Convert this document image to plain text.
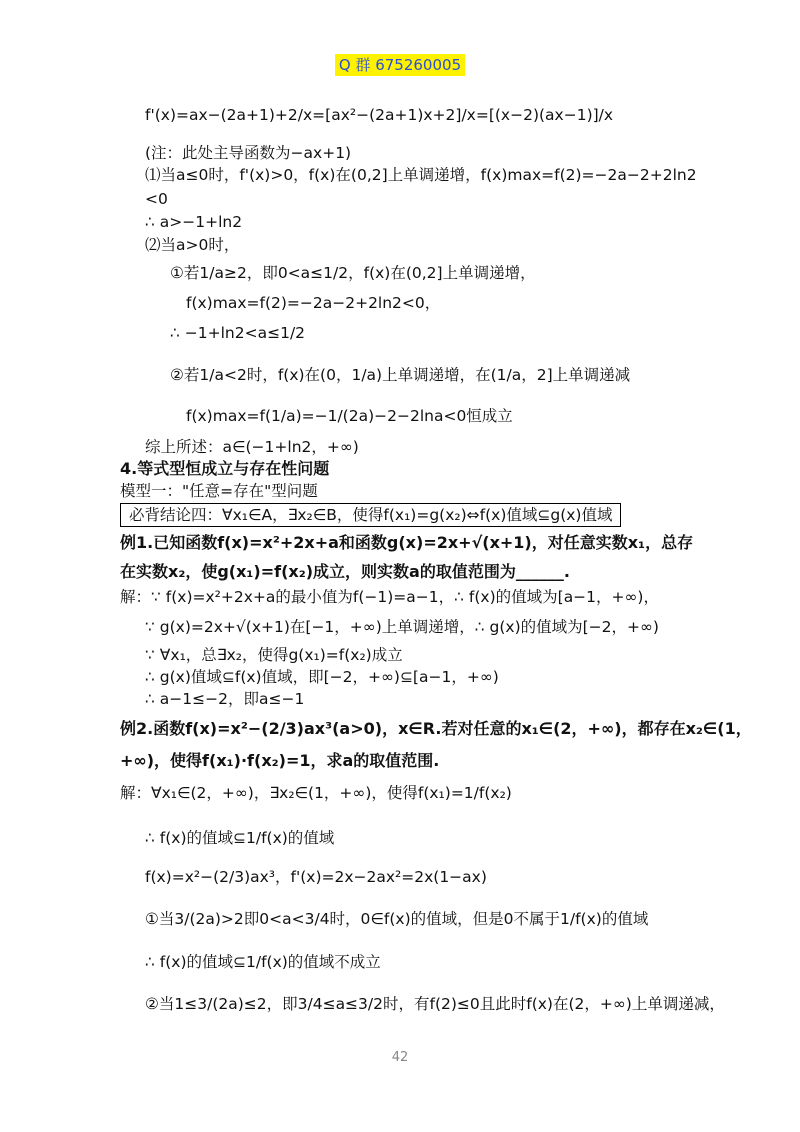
Q 群 675260005
f'(x)=ax−(2a+1)+2/x=[ax²−(2a+1)x+2]/x=[(x−2)(ax−1)]/x
(注：此处主导函数为−ax+1)
⑴当a≤0时，f'(x)>0，f(x)在(0,2]上单调递增，f(x)max=f(2)=−2a−2+2ln2
<0
∴ a>−1+ln2
⑵当a>0时，
①若1/a≥2，即0<a≤1/2，f(x)在(0,2]上单调递增，
f(x)max=f(2)=−2a−2+2ln2<0，
∴ −1+ln2<a≤1/2
②若1/a<2时，f(x)在(0，1/a)上单调递增，在(1/a，2]上单调递减
f(x)max=f(1/a)=−1/(2a)−2−2lna<0恒成立
综上所述：a∈(−1+ln2，+∞)
4.等式型恒成立与存在性问题
模型一："任意=存在"型问题
必背结论四：∀x₁∈A，∃x₂∈B，使得f(x₁)=g(x₂)⇔f(x)值域⊆g(x)值域
例1.已知函数f(x)=x²+2x+a和函数g(x)=2x+√(x+1)，对任意实数x₁，总存
在实数x₂，使g(x₁)=f(x₂)成立，则实数a的取值范围为______.
解：∵ f(x)=x²+2x+a的最小值为f(−1)=a−1，∴ f(x)的值域为[a−1，+∞)，
∵ g(x)=2x+√(x+1)在[−1，+∞)上单调递增，∴ g(x)的值域为[−2，+∞)
∵ ∀x₁，总∃x₂，使得g(x₁)=f(x₂)成立
∴ g(x)值域⊆f(x)值域，即[−2，+∞)⊆[a−1，+∞)
∴ a−1≤−2，即a≤−1
例2.函数f(x)=x²−(2/3)ax³(a>0)，x∈R.若对任意的x₁∈(2，+∞)，都存在x₂∈(1，
+∞)，使得f(x₁)·f(x₂)=1，求a的取值范围.
解：∀x₁∈(2，+∞)，∃x₂∈(1，+∞)，使得f(x₁)=1/f(x₂)
∴ f(x)的值域⊆1/f(x)的值域
f(x)=x²−(2/3)ax³，f'(x)=2x−2ax²=2x(1−ax)
①当3/(2a)>2即0<a<3/4时，0∈f(x)的值域，但是0不属于1/f(x)的值域
∴ f(x)的值域⊆1/f(x)的值域不成立
②当1≤3/(2a)≤2，即3/4≤a≤3/2时，有f(2)≤0且此时f(x)在(2，+∞)上单调递减，
42
